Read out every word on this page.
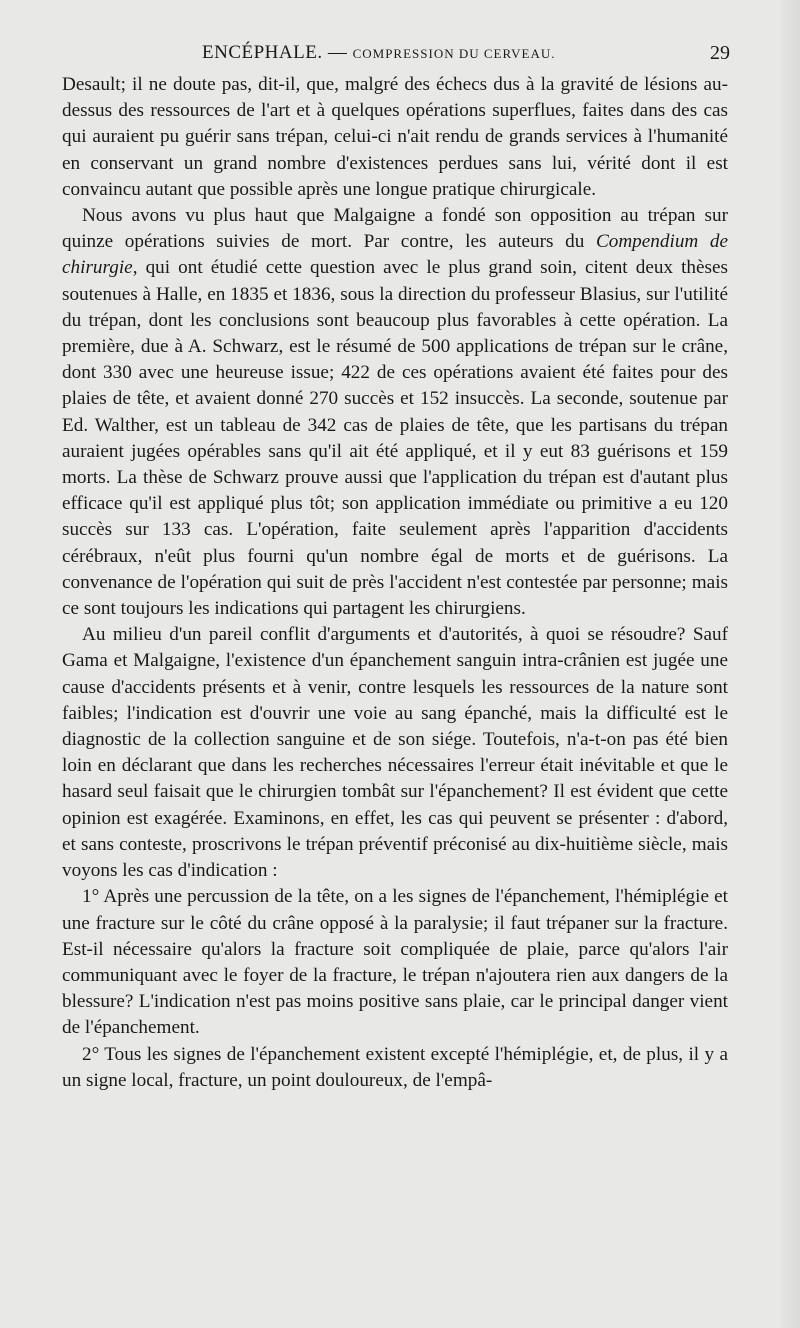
ENCÉPHALE. — COMPRESSION DU CERVEAU.	29

Desault; il ne doute pas, dit-il, que, malgré des échecs dus à la gravité de lésions au-dessus des ressources de l'art et à quelques opérations superflues, faites dans des cas qui auraient pu guérir sans trépan, celui-ci n'ait rendu de grands services à l'humanité en conservant un grand nombre d'existences perdues sans lui, vérité dont il est convaincu autant que possible après une longue pratique chirurgicale.

Nous avons vu plus haut que Malgaigne a fondé son opposition au trépan sur quinze opérations suivies de mort. Par contre, les auteurs du Compendium de chirurgie, qui ont étudié cette question avec le plus grand soin, citent deux thèses soutenues à Halle, en 1835 et 1836, sous la direction du professeur Blasius, sur l'utilité du trépan, dont les conclusions sont beaucoup plus favorables à cette opération. La première, due à A. Schwarz, est le résumé de 500 applications de trépan sur le crâne, dont 330 avec une heureuse issue; 422 de ces opérations avaient été faites pour des plaies de tête, et avaient donné 270 succès et 152 insuccès. La seconde, soutenue par Ed. Walther, est un tableau de 342 cas de plaies de tête, que les partisans du trépan auraient jugées opérables sans qu'il ait été appliqué, et il y eut 83 guérisons et 159 morts. La thèse de Schwarz prouve aussi que l'application du trépan est d'autant plus efficace qu'il est appliqué plus tôt; son application immédiate ou primitive a eu 120 succès sur 133 cas. L'opération, faite seulement après l'apparition d'accidents cérébraux, n'eût plus fourni qu'un nombre égal de morts et de guérisons. La convenance de l'opération qui suit de près l'accident n'est contestée par personne; mais ce sont toujours les indications qui partagent les chirurgiens.

Au milieu d'un pareil conflit d'arguments et d'autorités, à quoi se résoudre? Sauf Gama et Malgaigne, l'existence d'un épanchement sanguin intra-crânien est jugée une cause d'accidents présents et à venir, contre lesquels les ressources de la nature sont faibles; l'indication est d'ouvrir une voie au sang épanché, mais la difficulté est le diagnostic de la collection sanguine et de son siége. Toutefois, n'a-t-on pas été bien loin en déclarant que dans les recherches nécessaires l'erreur était inévitable et que le hasard seul faisait que le chirurgien tombât sur l'épanchement? Il est évident que cette opinion est exagérée. Examinons, en effet, les cas qui peuvent se présenter : d'abord, et sans conteste, proscrivons le trépan préventif préconisé au dix-huitième siècle, mais voyons les cas d'indication :

1° Après une percussion de la tête, on a les signes de l'épanchement, l'hémiplégie et une fracture sur le côté du crâne opposé à la paralysie; il faut trépaner sur la fracture. Est-il nécessaire qu'alors la fracture soit compliquée de plaie, parce qu'alors l'air communiquant avec le foyer de la fracture, le trépan n'ajoutera rien aux dangers de la blessure? L'indication n'est pas moins positive sans plaie, car le principal danger vient de l'épanchement.

2° Tous les signes de l'épanchement existent excepté l'hémiplégie, et, de plus, il y a un signe local, fracture, un point douloureux, de l'empâ-
